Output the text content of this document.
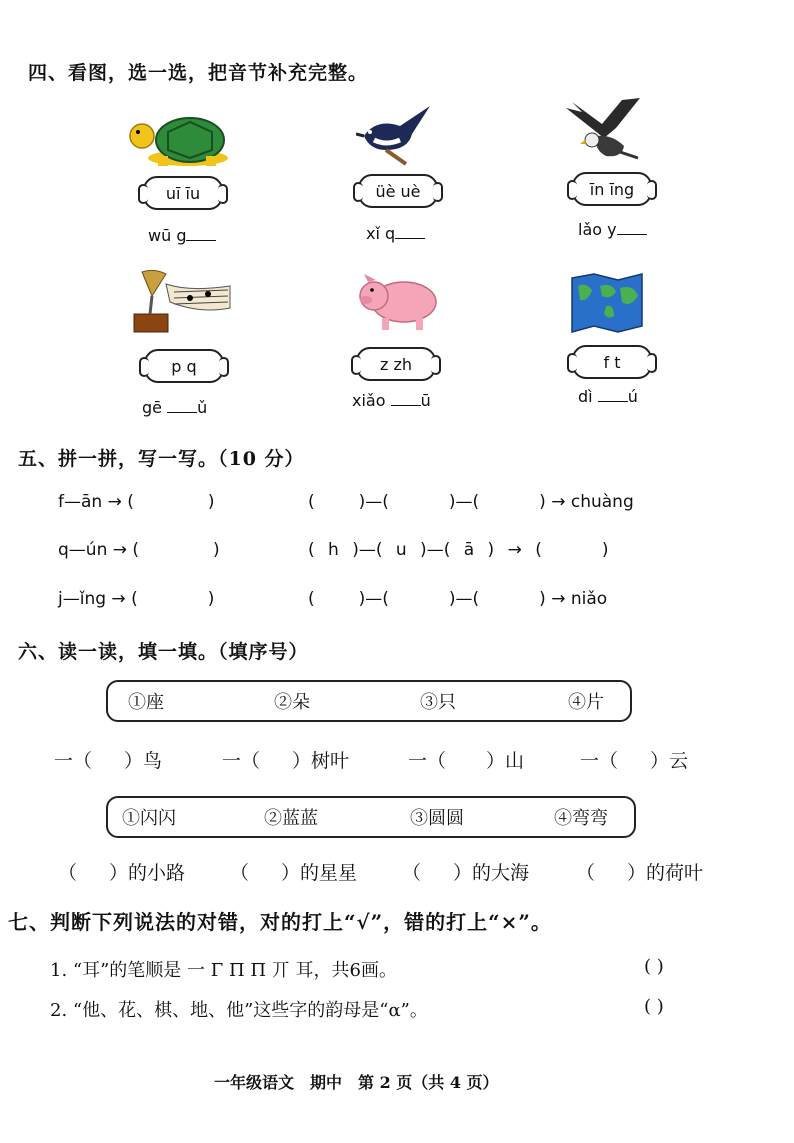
四、看图，选一选，把音节补充完整。
uī īu	üè uè	īn īng
wū g	xǐ q	lǎo y
p q	z zh	f t
gē ǔ	xiǎo ū	dì ú
五、拼一拼，写一写。（10 分）
f—ān → (	)	(	)—(	)—(	) → chuàng
q—ún → (	)	( h )—( u )—( ā ) → (	)
j—ǐng → (	)	(	)—(	)—(	) → niǎo
六、读一读，填一填。（填序号）
①座	②朵	③只	④片
一（ ）鸟	一（ ）树叶	一（ ）山	一（ ）云
①闪闪	②蓝蓝	③圆圆	④弯弯
（ ）的小路 （ ）的星星 （ ）的大海 （ ）的荷叶
七、判断下列说法的对错，对的打上“√”，错的打上“×”。
1. “耳”的笔顺是 一 Γ Π Π 丌 耳，共6画。	( )
2. “他、花、棋、地、他”这些字的韵母是“α”。	( )
一年级语文　期中　第 2 页（共 4 页）
